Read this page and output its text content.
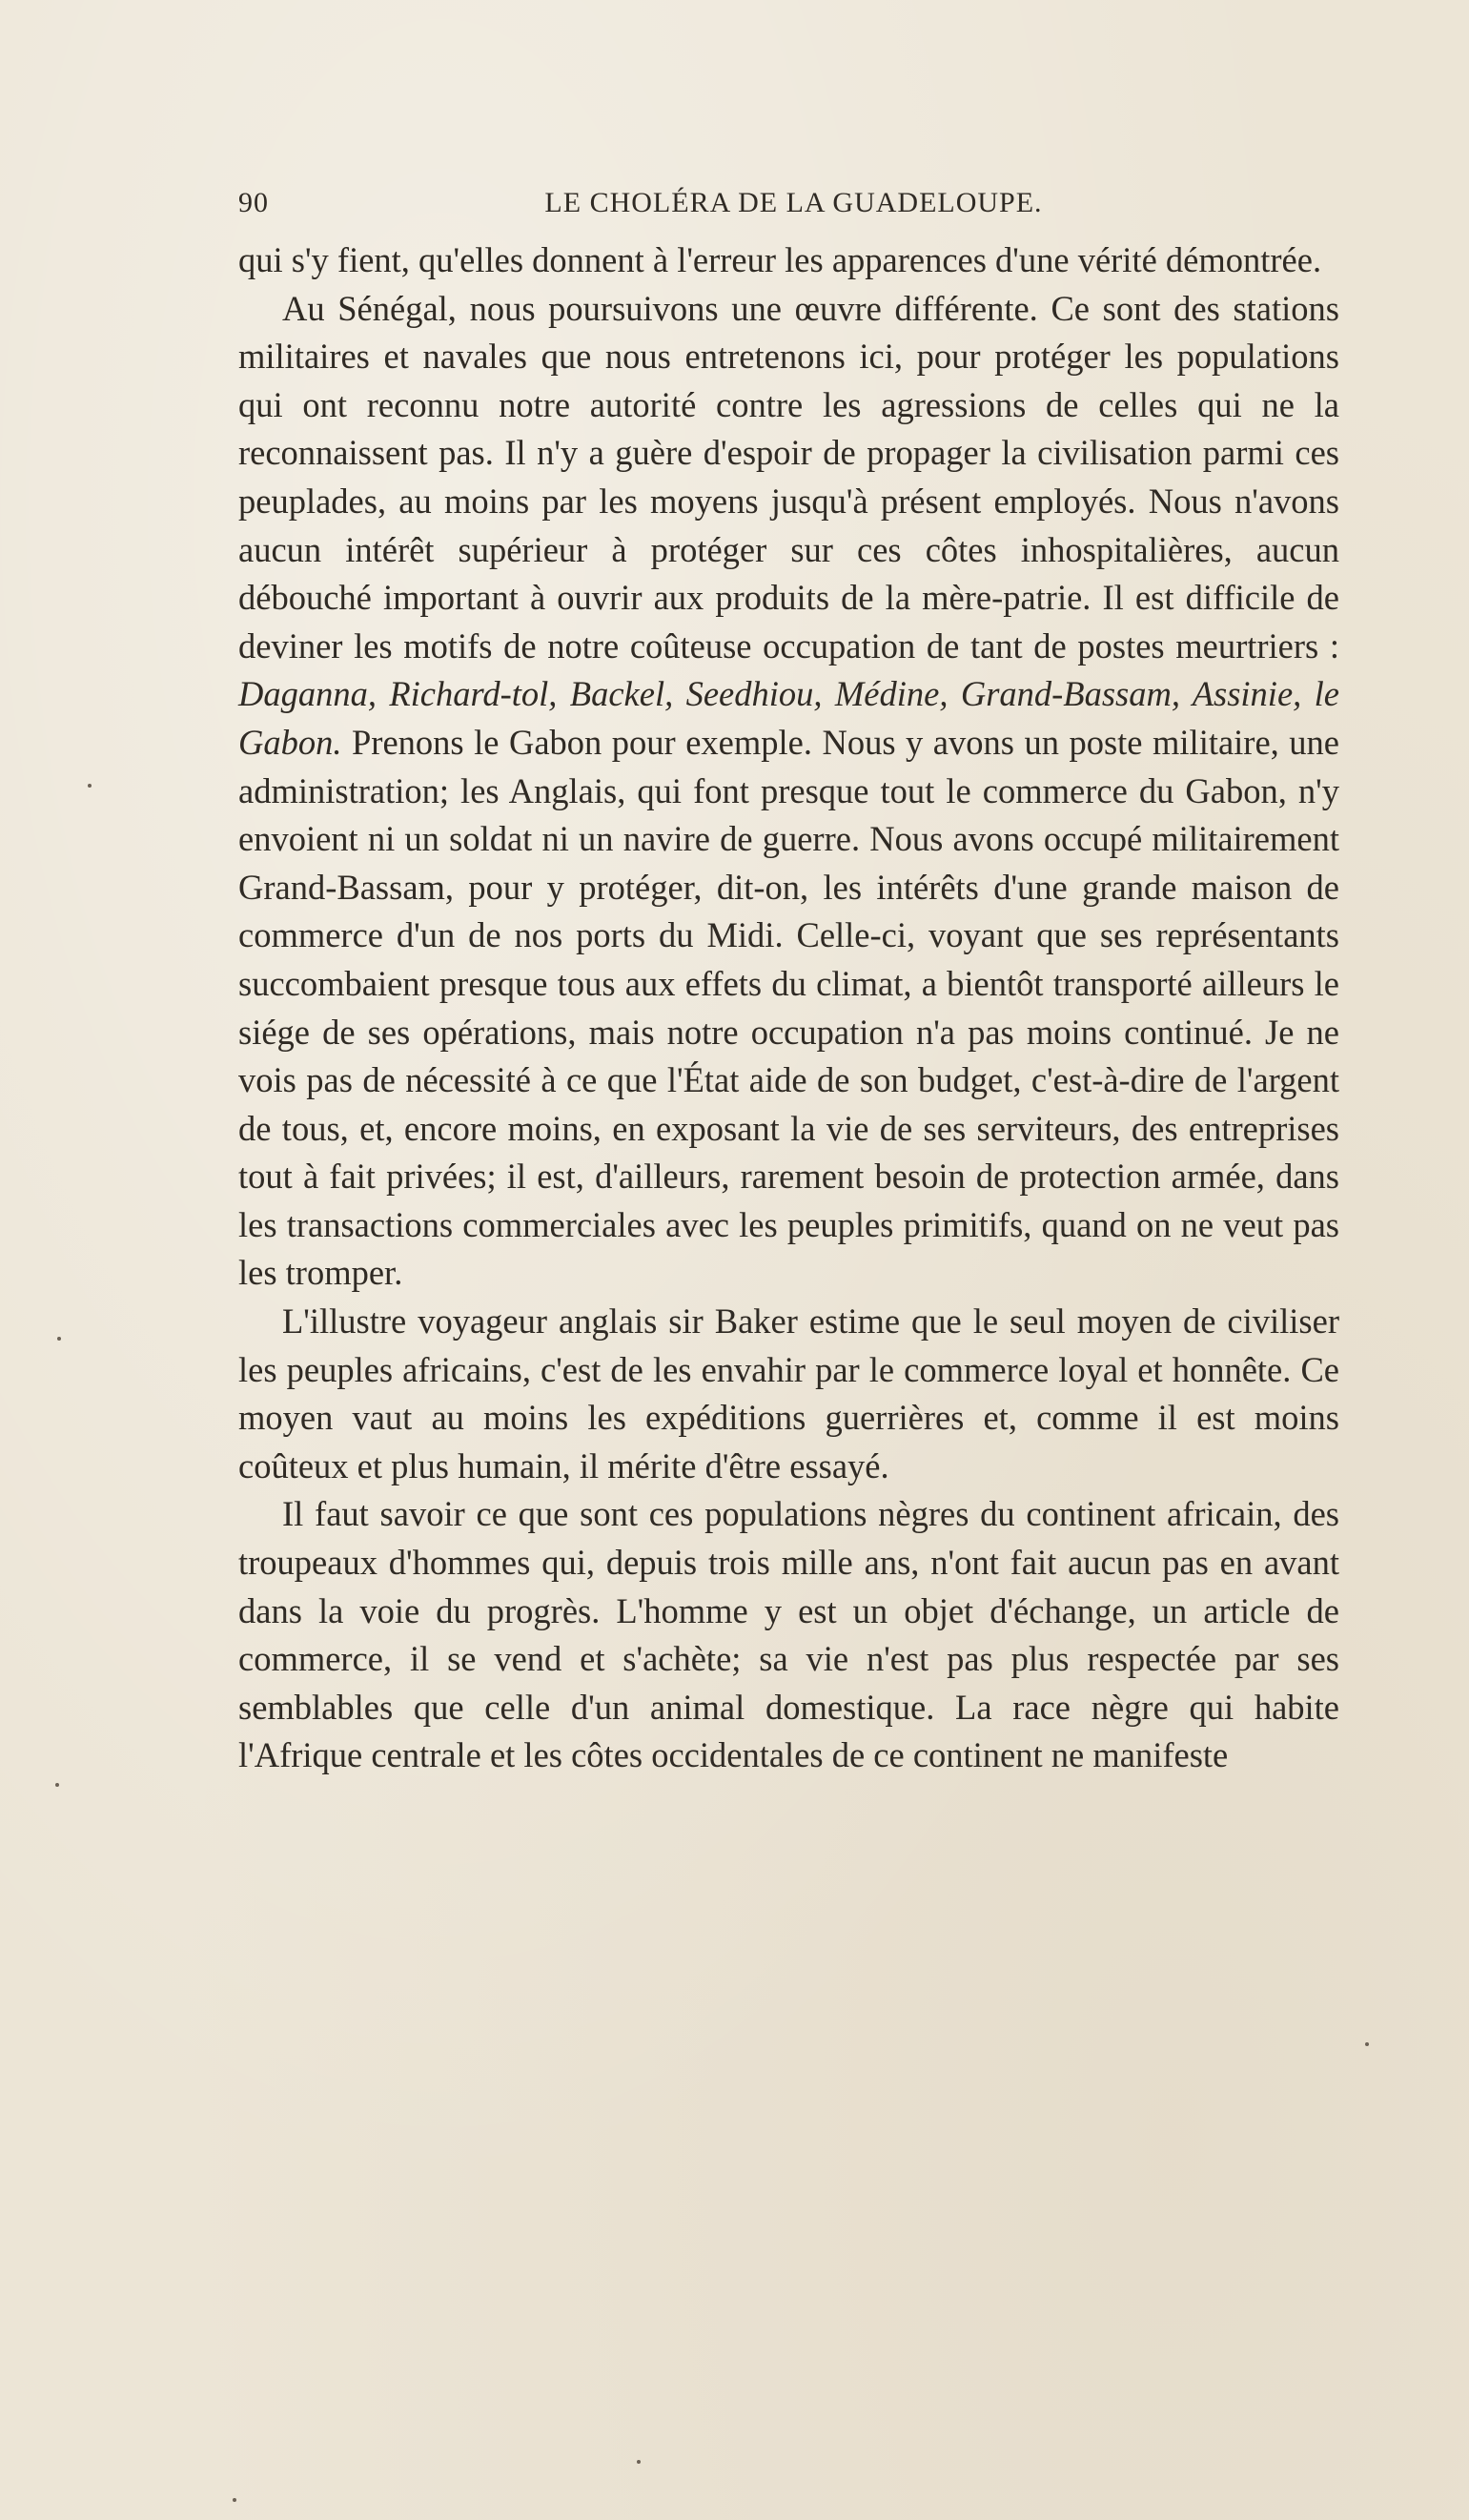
90	LE CHOLÉRA DE LA GUADELOUPE.

qui s'y fient, qu'elles donnent à l'erreur les apparences d'une vérité démontrée.

Au Sénégal, nous poursuivons une œuvre différente. Ce sont des stations militaires et navales que nous entretenons ici, pour protéger les populations qui ont reconnu notre autorité contre les agressions de celles qui ne la reconnaissent pas. Il n'y a guère d'espoir de propager la civilisation parmi ces peuplades, au moins par les moyens jusqu'à présent employés. Nous n'avons aucun intérêt supérieur à protéger sur ces côtes inhospitalières, aucun débouché important à ouvrir aux produits de la mère-patrie. Il est difficile de deviner les motifs de notre coûteuse occupation de tant de postes meurtriers : Daganna, Richard-tol, Backel, Seedhiou, Médine, Grand-Bassam, Assinie, le Gabon. Prenons le Gabon pour exemple. Nous y avons un poste militaire, une administration; les Anglais, qui font presque tout le commerce du Gabon, n'y envoient ni un soldat ni un navire de guerre. Nous avons occupé militairement Grand-Bassam, pour y protéger, dit-on, les intérêts d'une grande maison de commerce d'un de nos ports du Midi. Celle-ci, voyant que ses représentants succombaient presque tous aux effets du climat, a bientôt transporté ailleurs le siége de ses opérations, mais notre occupation n'a pas moins continué. Je ne vois pas de nécessité à ce que l'État aide de son budget, c'est-à-dire de l'argent de tous, et, encore moins, en exposant la vie de ses serviteurs, des entreprises tout à fait privées; il est, d'ailleurs, rarement besoin de protection armée, dans les transactions commerciales avec les peuples primitifs, quand on ne veut pas les tromper.

L'illustre voyageur anglais sir Baker estime que le seul moyen de civiliser les peuples africains, c'est de les envahir par le commerce loyal et honnête. Ce moyen vaut au moins les expéditions guerrières et, comme il est moins coûteux et plus humain, il mérite d'être essayé.

Il faut savoir ce que sont ces populations nègres du continent africain, des troupeaux d'hommes qui, depuis trois mille ans, n'ont fait aucun pas en avant dans la voie du progrès. L'homme y est un objet d'échange, un article de commerce, il se vend et s'achète; sa vie n'est pas plus respectée par ses semblables que celle d'un animal domestique. La race nègre qui habite l'Afrique centrale et les côtes occidentales de ce continent ne manifeste
